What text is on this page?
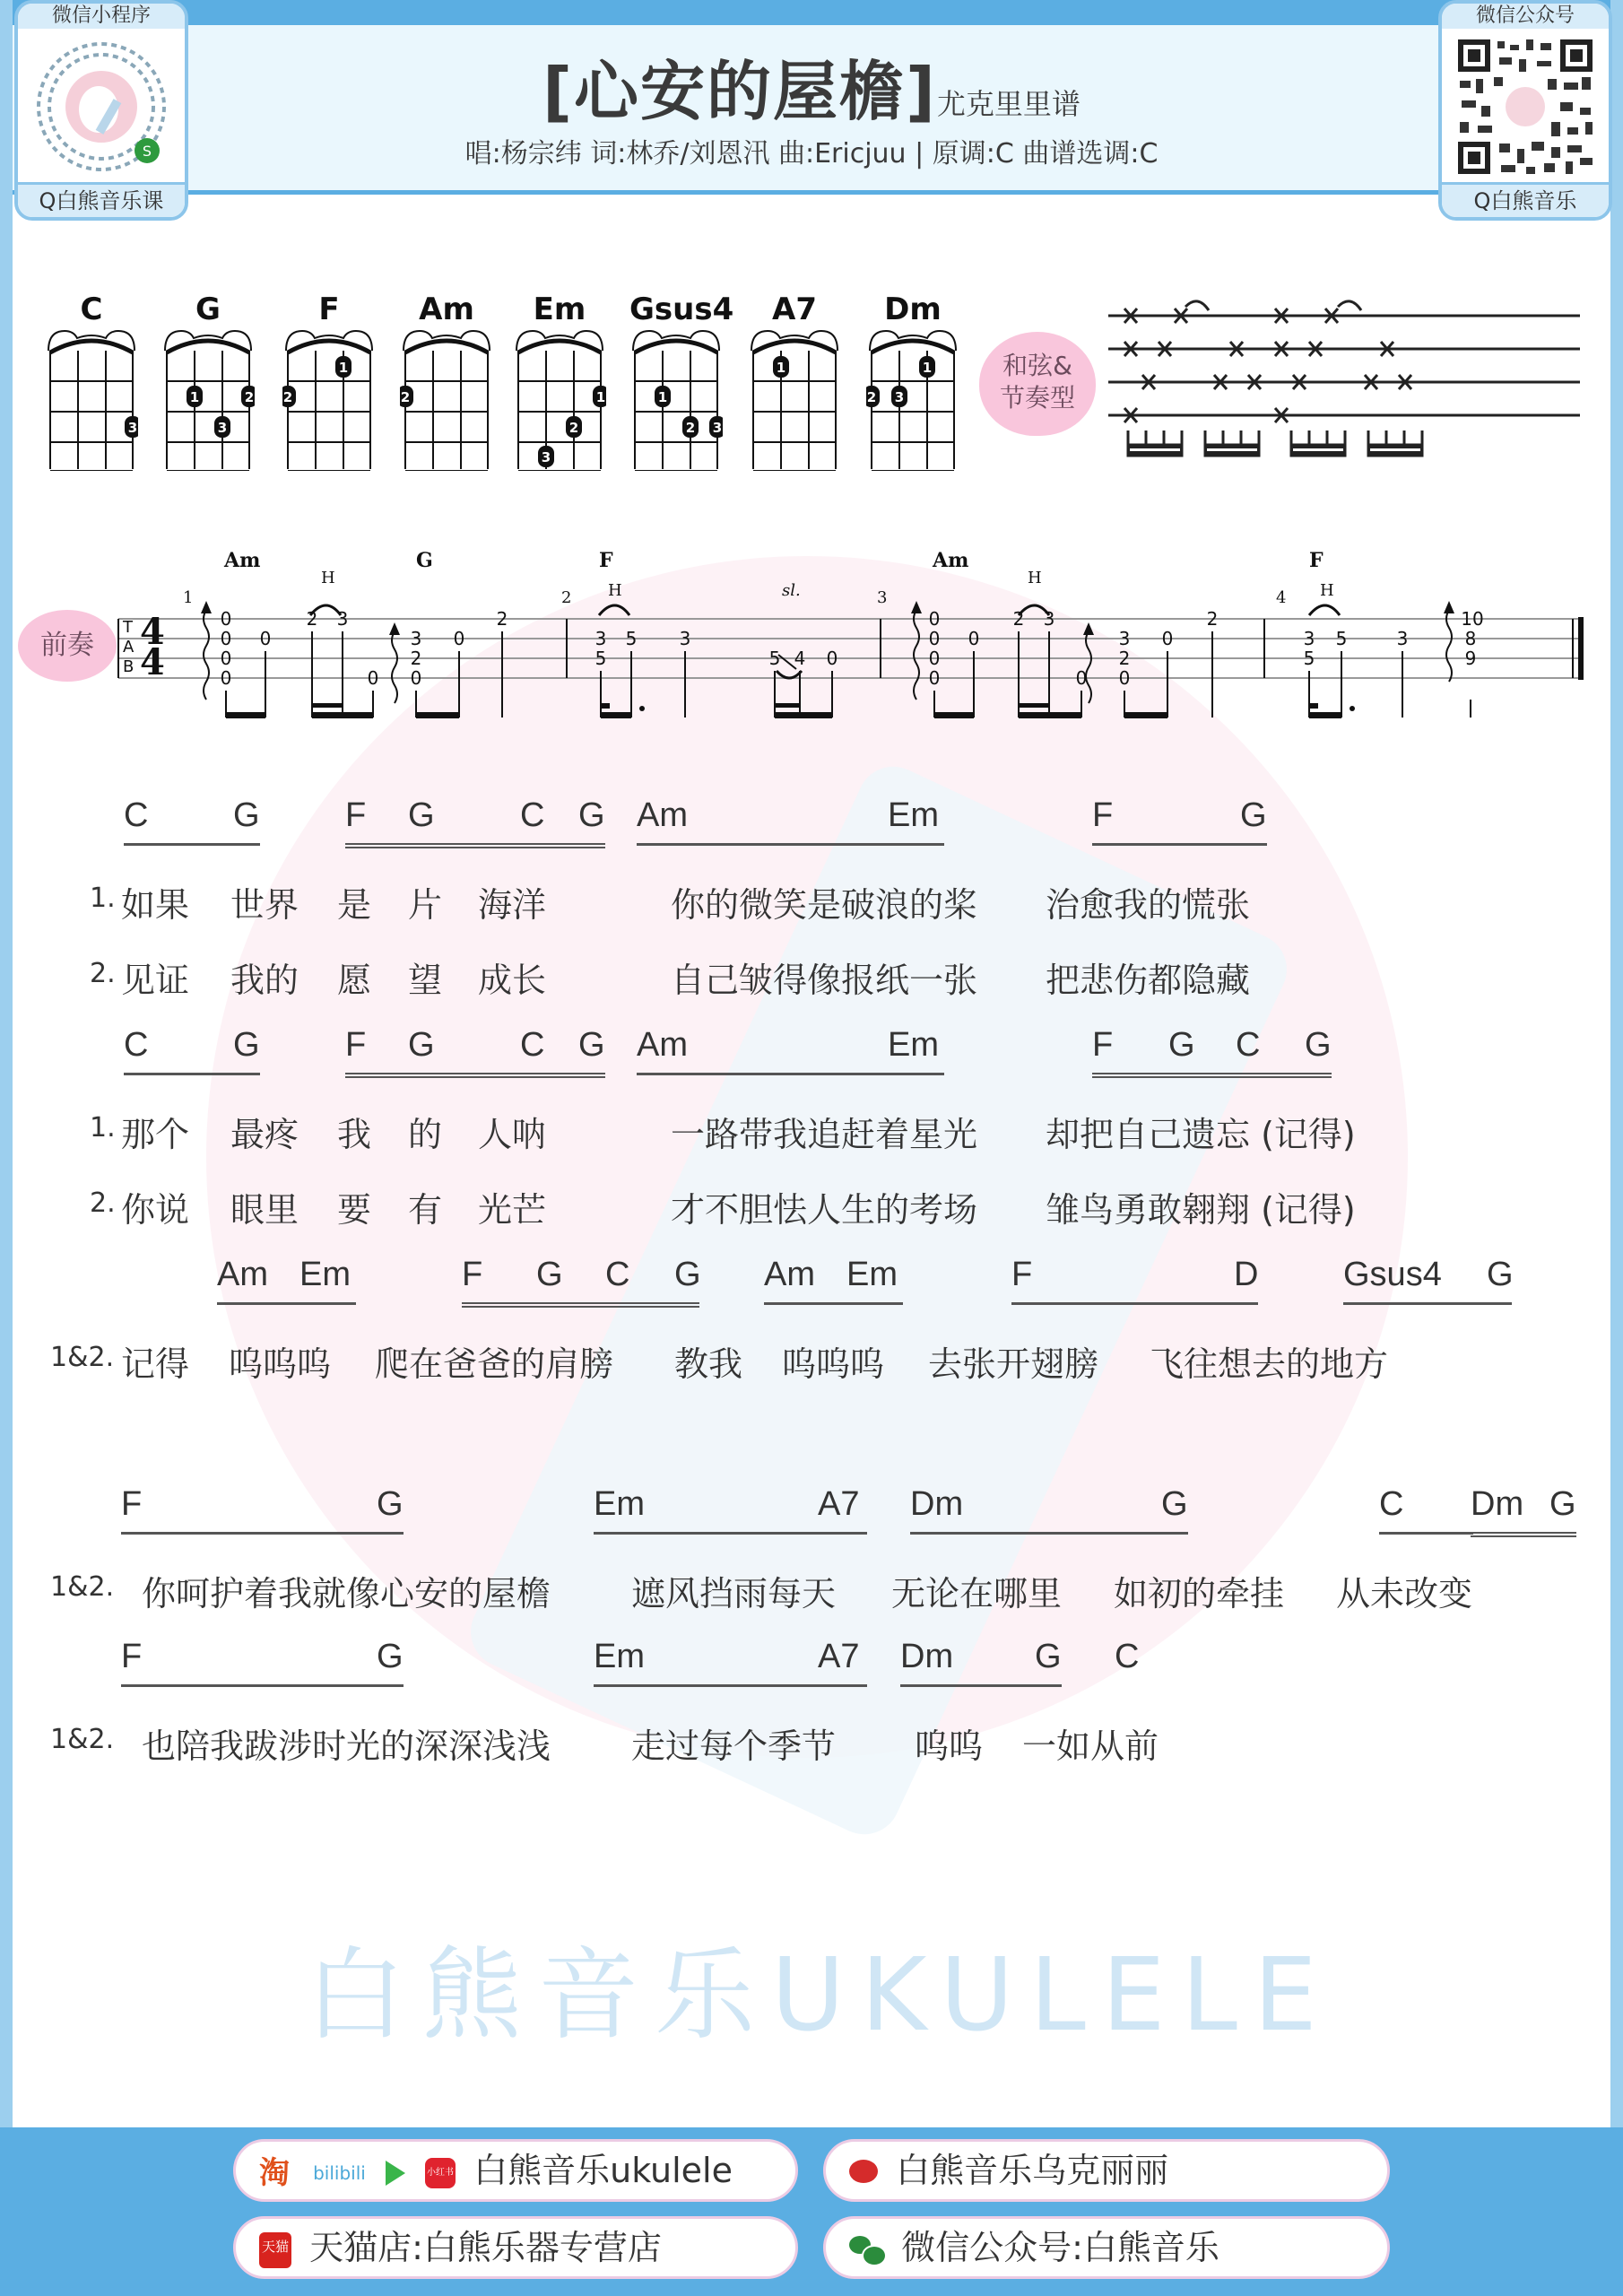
[心安的屋檐]尤克里里谱
唱:杨宗纬 词:林乔/刘恩汛 曲:Ericjuu | 原调:C 曲谱选调:C
微信小程序
S
Q白熊音乐课
微信公众号
Q白熊音乐
C
3
G
1	2
3
F
1
2
Am
2
Em
1
2
3
Gsus4
1
2 3
A7
1
Dm
1
2 3
和弦&
节奏型
前奏
Am	G	F	Am	F
T
A
B
4
4
1	2	3	4
H
H	sl.
H
H
0
0
0
0
0
2 3
0
3
2
0
0
2
3
5
5 3
5 4 0
0
0
0
0
0
2 3
0
3
2
0
0
2
3
5
5	3
10
8
9
C G	F G	C G Am	Em	F	G
1. 如果 世界 是 片 海洋	你的微笑是破浪的桨 治愈我的慌张
2. 见证 我的 愿 望 成长	自己皱得像报纸一张 把悲伤都隐藏
C G	F G	C G Am	Em	F G C G
1. 那个 最疼 我 的 人呐	一路带我追赶着星光 却把自己遗忘 (记得)
2. 你说 眼里 要 有 光芒	才不胆怯人生的考场 雏鸟勇敢翱翔 (记得)
Am Em	F G C G Am Em	F	D Gsus4 G
1&2. 记得 呜呜呜 爬在爸爸的肩膀 教我 呜呜呜 去张开翅膀 飞往想去的地方
F	G	Em	A7 Dm	G	C Dm G
1&2. 你呵护着我就像心安的屋檐 遮风挡雨每天 无论在哪里 如初的牵挂 从未改变
F	G	Em	A7 Dm G C
1&2. 也陪我跋涉时光的深深浅浅 走过每个季节 呜呜 一如从前
白熊音乐UKULELE
淘 bilibili	小红书 白熊音乐ukulele	白熊音乐乌克丽丽
天猫 天猫店:白熊乐器专营店	微信公众号:白熊音乐
